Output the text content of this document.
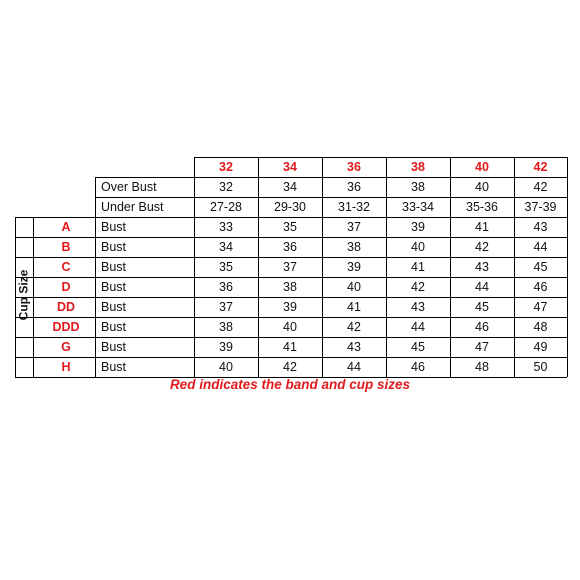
32	34	36	38	40	42
Over Bust	32	34	36	38	40	42
Under Bust	27-28	29-30	31-32	33-34	35-36 37-39
A Bust	33	35	37	39	41	43
B Bust	34	36	38	40	42	44
C Bust	35	37	39	41	43	45
D Bust	36	38	40	42	44	46
DD Bust	37	39	41	43	45	47
DDD Bust	38	40	42	44	46	48
G Bust	39	41	43	45	47	49
H Bust	40	42	44	46	48	50
Cup Size
Red indicates the band and cup sizes
